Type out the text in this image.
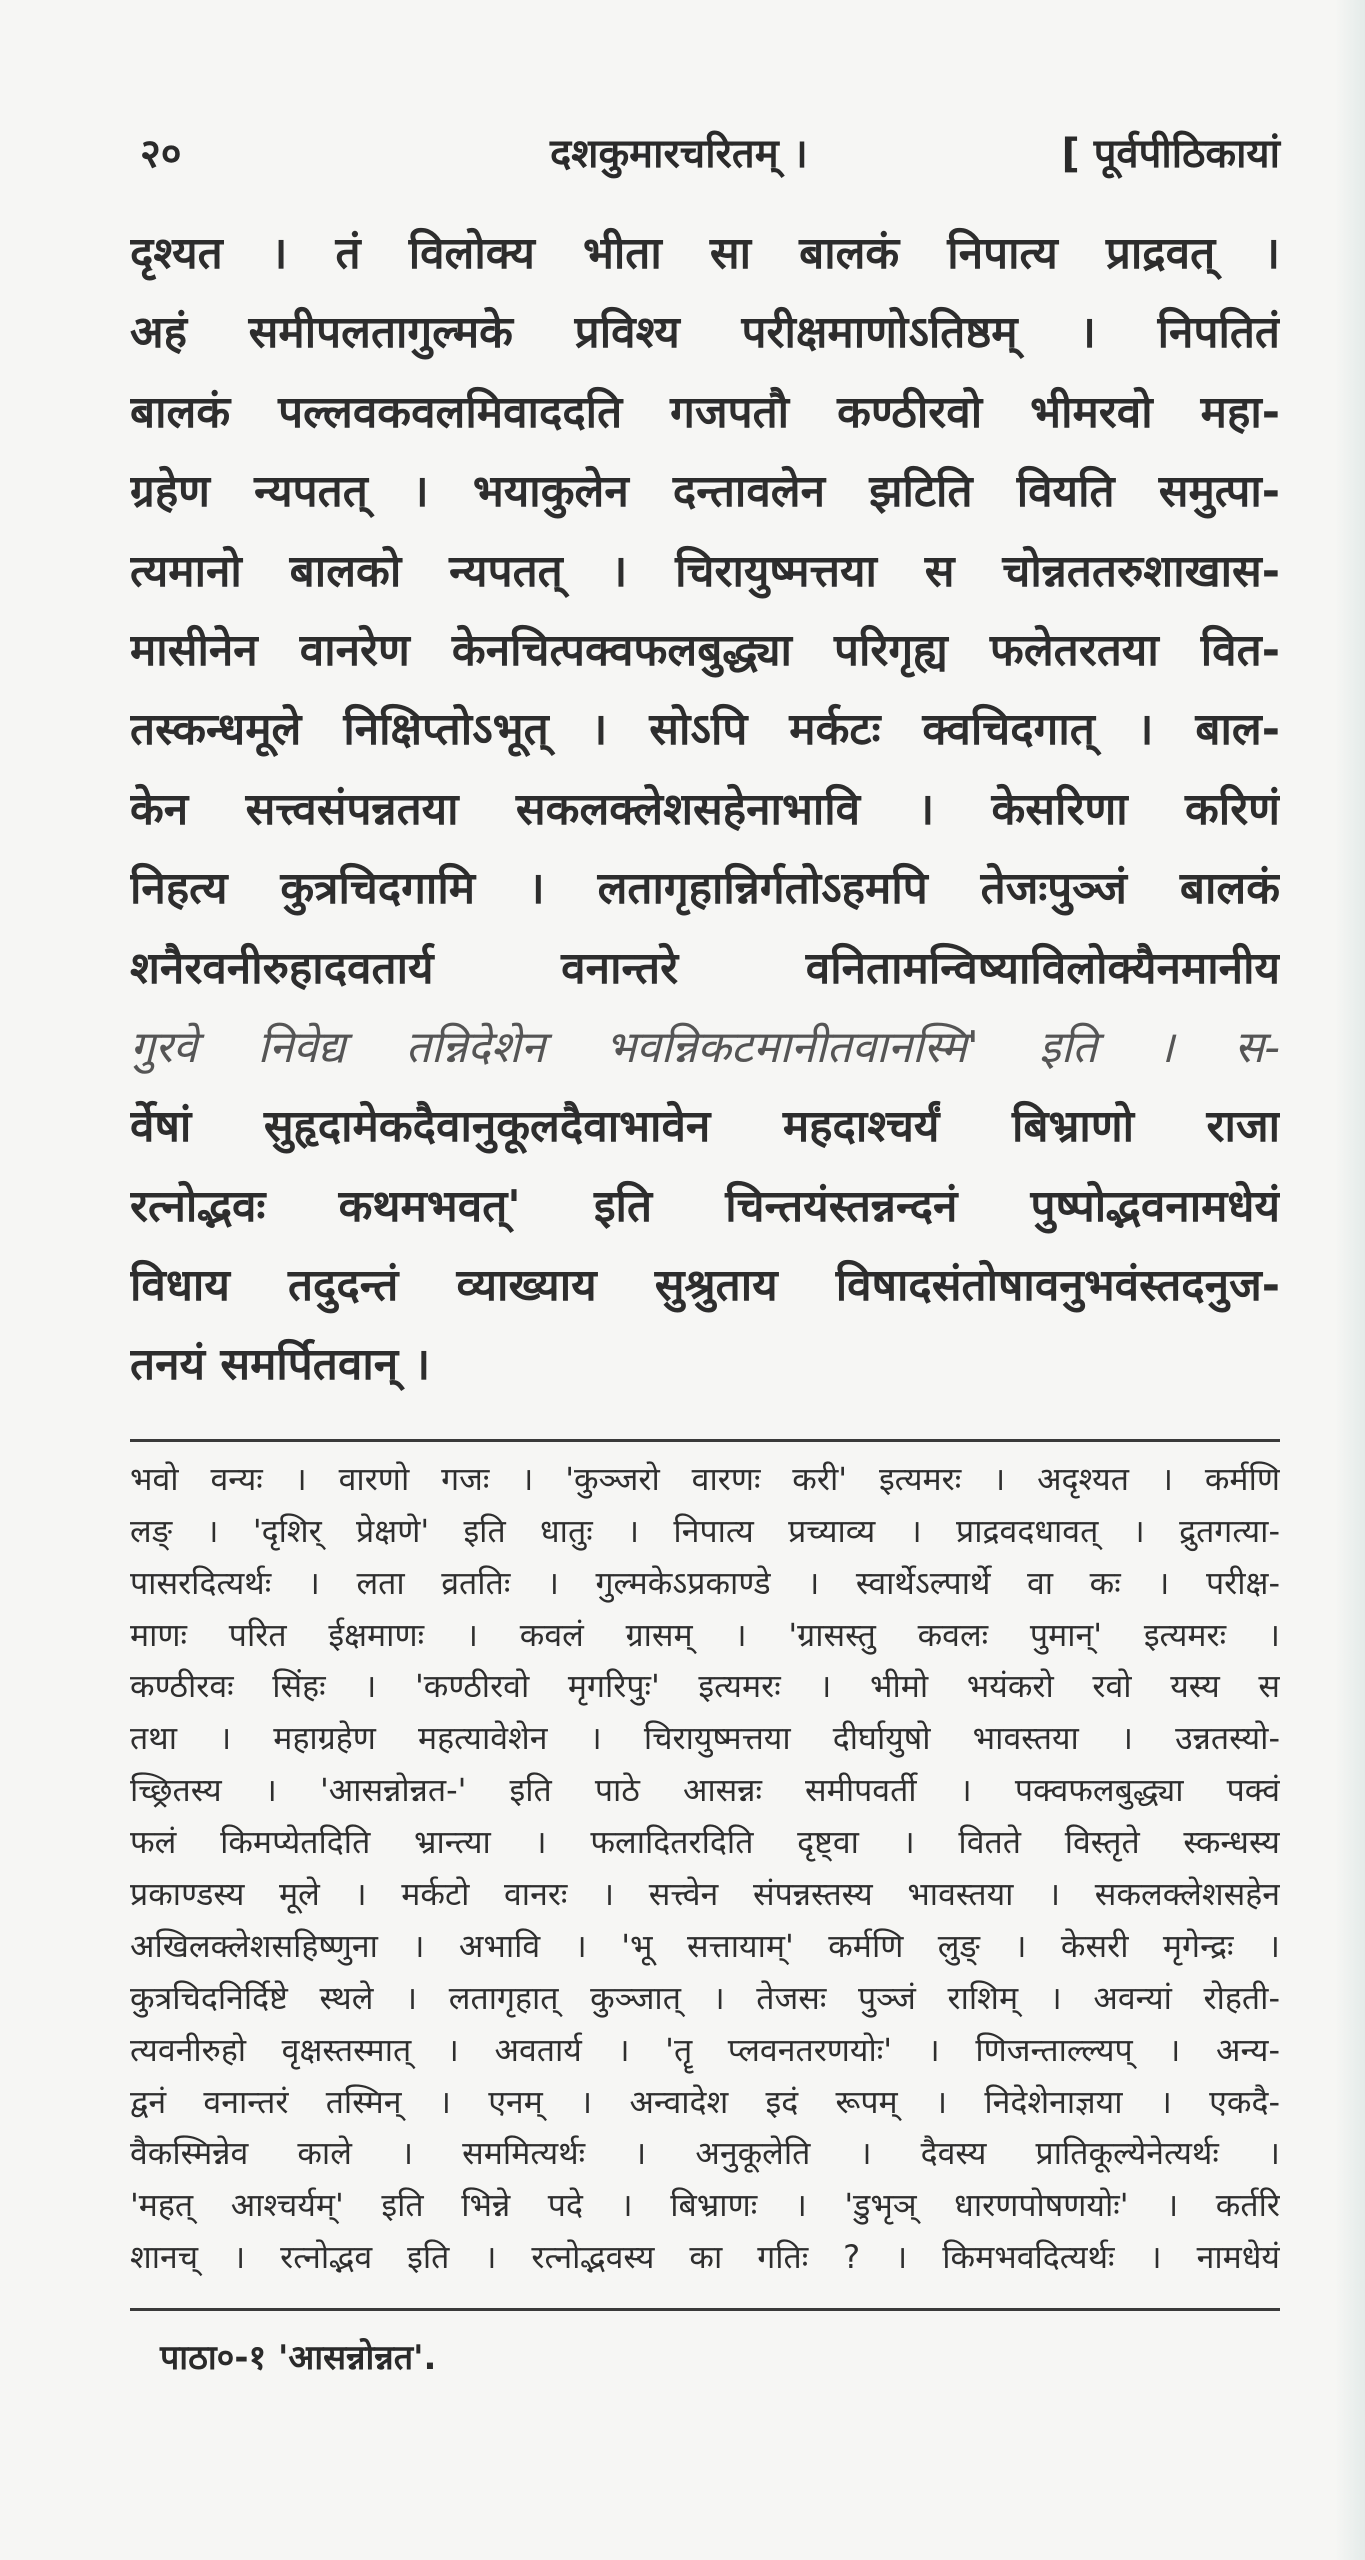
२०	दशकुमारचरितम् ।	[ पूर्वपीठिकायां
दृश्यत । तं विलोक्य भीता सा बालकं निपात्य प्राद्रवत् ।
अहं समीपलतागुल्मके प्रविश्य परीक्षमाणोऽतिष्ठम् । निपतितं
बालकं पल्लवकवलमिवाददति गजपतौ कण्ठीरवो भीमरवो महा-
ग्रहेण न्यपतत् । भयाकुलेन दन्तावलेन झटिति वियति समुत्पा-
त्यमानो बालको न्यपतत् । चिरायुष्मत्तया स चोन्नततरुशाखास-
मासीनेन वानरेण केनचित्पक्वफलबुद्ध्या परिगृह्य फलेतरतया वित-
तस्कन्धमूले निक्षिप्तोऽभूत् । सोऽपि मर्कटः क्वचिदगात् । बाल-
केन सत्त्वसंपन्नतया सकलक्लेशसहेनाभावि । केसरिणा करिणं
निहत्य कुत्रचिदगामि । लतागृहान्निर्गतोऽहमपि तेजःपुञ्जं बालकं
शनैरवनीरुहादवतार्य वनान्तरे वनितामन्विष्याविलोक्यैनमानीय
गुरवे निवेद्य तन्निदेशेन भवन्निकटमानीतवानस्मि' इति । स-
र्वेषां सुहृदामेकदैवानुकूलदैवाभावेन महदाश्चर्यं बिभ्राणो राजा
रत्नोद्भवः कथमभवत्' इति चिन्तयंस्तन्नन्दनं पुष्पोद्भवनामधेयं
विधाय तदुदन्तं व्याख्याय सुश्रुताय विषादसंतोषावनुभवंस्तदनुज-
तनयं समर्पितवान् ।
भवो वन्यः । वारणो गजः । 'कुञ्जरो वारणः करी' इत्यमरः । अदृश्यत । कर्मणि
लङ् । 'दृशिर् प्रेक्षणे' इति धातुः । निपात्य प्रच्याव्य । प्राद्रवदधावत् । द्रुतगत्या-
पासरदित्यर्थः । लता व्रततिः । गुल्मकेऽप्रकाण्डे । स्वार्थेऽल्पार्थे वा कः । परीक्ष-
माणः परित ईक्षमाणः । कवलं ग्रासम् । 'ग्रासस्तु कवलः पुमान्' इत्यमरः ।
कण्ठीरवः सिंहः । 'कण्ठीरवो मृगरिपुः' इत्यमरः । भीमो भयंकरो रवो यस्य स
तथा । महाग्रहेण महत्यावेशेन । चिरायुष्मत्तया दीर्घायुषो भावस्तया । उन्नतस्यो-
च्छ्रितस्य । 'आसन्नोन्नत-' इति पाठे आसन्नः समीपवर्ती । पक्वफलबुद्ध्या पक्वं
फलं किमप्येतदिति भ्रान्त्या । फलादितरदिति दृष्ट्वा । वितते विस्तृते स्कन्धस्य
प्रकाण्डस्य मूले । मर्कटो वानरः । सत्त्वेन संपन्नस्तस्य भावस्तया । सकलक्लेशसहेन
अखिलक्लेशसहिष्णुना । अभावि । 'भू सत्तायाम्' कर्मणि लुङ् । केसरी मृगेन्द्रः ।
कुत्रचिदनिर्दिष्टे स्थले । लतागृहात् कुञ्जात् । तेजसः पुञ्जं राशिम् । अवन्यां रोहती-
त्यवनीरुहो वृक्षस्तस्मात् । अवतार्य । 'तॄ प्लवनतरणयोः' । णिजन्ताल्ल्यप् । अन्य-
द्वनं वनान्तरं तस्मिन् । एनम् । अन्वादेश इदं रूपम् । निदेशेनाज्ञया । एकदै-
वैकस्मिन्नेव काले । सममित्यर्थः । अनुकूलेति । दैवस्य प्रातिकूल्येनेत्यर्थः ।
'महत् आश्चर्यम्' इति भिन्ने पदे । बिभ्राणः । 'डुभृञ् धारणपोषणयोः' । कर्तरि
शानच् । रत्नोद्भव इति । रत्नोद्भवस्य का गतिः ? । किमभवदित्यर्थः । नामधेयं
पाठा०-१ 'आसन्नोन्नत'.
